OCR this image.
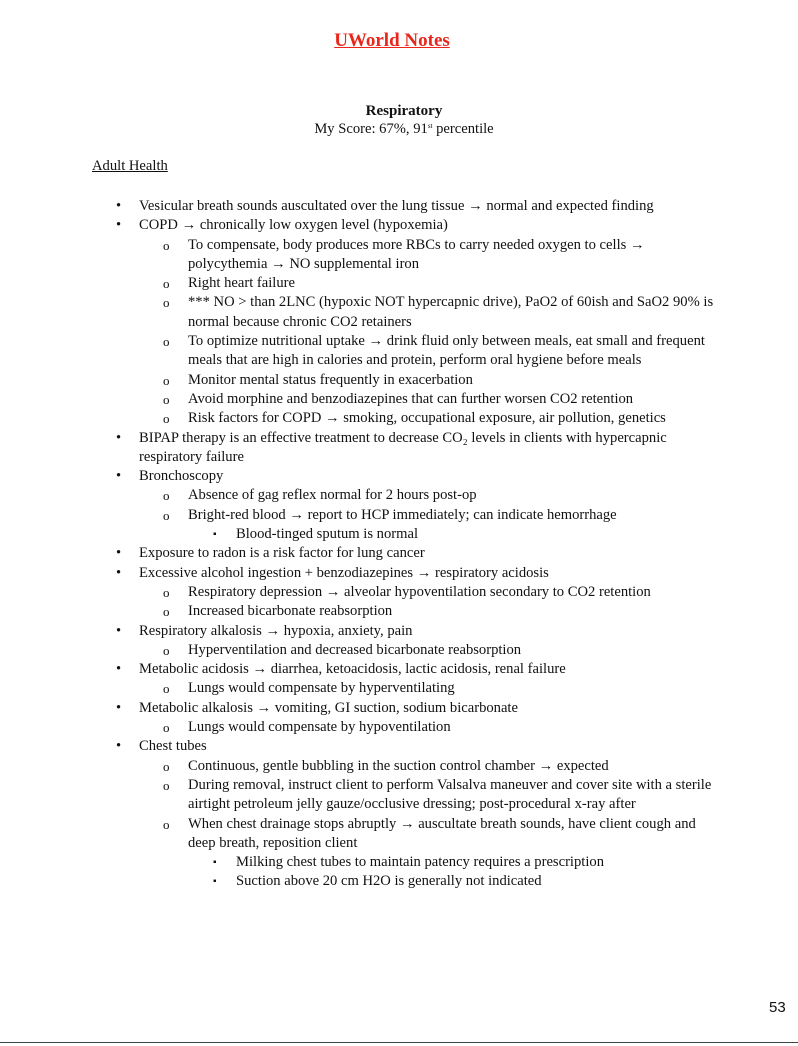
UWorld Notes
Respiratory
My Score: 67%, 91st percentile
Adult Health
• Vesicular breath sounds auscultated over the lung tissue → normal and expected finding
• COPD → chronically low oxygen level (hypoxemia)
o To compensate, body produces more RBCs to carry needed oxygen to cells → polycythemia → NO supplemental iron
o Right heart failure
o *** NO > than 2LNC (hypoxic NOT hypercapnic drive), PaO2 of 60ish and SaO2 90% is normal because chronic CO2 retainers
o To optimize nutritional uptake → drink fluid only between meals, eat small and frequent meals that are high in calories and protein, perform oral hygiene before meals
o Monitor mental status frequently in exacerbation
o Avoid morphine and benzodiazepines that can further worsen CO2 retention
o Risk factors for COPD → smoking, occupational exposure, air pollution, genetics
• BIPAP therapy is an effective treatment to decrease CO₂ levels in clients with hypercapnic respiratory failure
• Bronchoscopy
o Absence of gag reflex normal for 2 hours post-op
o Bright-red blood → report to HCP immediately; can indicate hemorrhage
▪ Blood-tinged sputum is normal
• Exposure to radon is a risk factor for lung cancer
• Excessive alcohol ingestion + benzodiazepines → respiratory acidosis
o Respiratory depression → alveolar hypoventilation secondary to CO2 retention
o Increased bicarbonate reabsorption
• Respiratory alkalosis → hypoxia, anxiety, pain
o Hyperventilation and decreased bicarbonate reabsorption
• Metabolic acidosis → diarrhea, ketoacidosis, lactic acidosis, renal failure
o Lungs would compensate by hyperventilating
• Metabolic alkalosis → vomiting, GI suction, sodium bicarbonate
o Lungs would compensate by hypoventilation
• Chest tubes
o Continuous, gentle bubbling in the suction control chamber → expected
o During removal, instruct client to perform Valsalva maneuver and cover site with a sterile airtight petroleum jelly gauze/occlusive dressing; post-procedural x-ray after
o When chest drainage stops abruptly → auscultate breath sounds, have client cough and deep breath, reposition client
▪ Milking chest tubes to maintain patency requires a prescription
▪ Suction above 20 cm H2O is generally not indicated
53
